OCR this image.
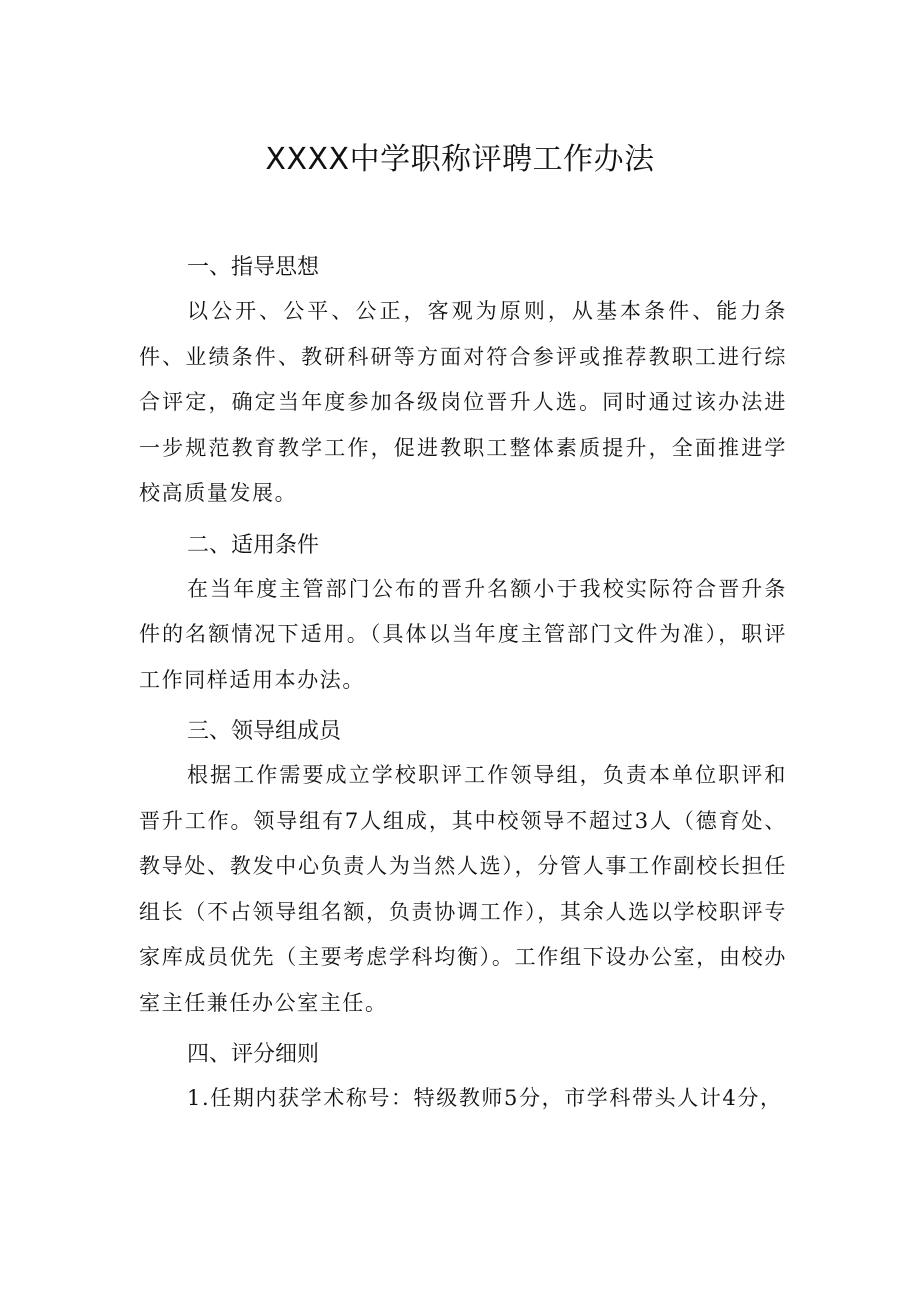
XXXX中学职称评聘工作办法
一、指导思想

以公开、公平、公正，客观为原则，从基本条件、能力条件、业绩条件、教研科研等方面对符合参评或推荐教职工进行综合评定，确定当年度参加各级岗位晋升人选。同时通过该办法进一步规范教育教学工作，促进教职工整体素质提升，全面推进学校高质量发展。

二、适用条件

在当年度主管部门公布的晋升名额小于我校实际符合晋升条件的名额情况下适用。（具体以当年度主管部门文件为准），职评工作同样适用本办法。

三、领导组成员

根据工作需要成立学校职评工作领导组，负责本单位职评和晋升工作。领导组有7人组成，其中校领导不超过3人（德育处、教导处、教发中心负责人为当然人选），分管人事工作副校长担任组长（不占领导组名额，负责协调工作），其余人选以学校职评专家库成员优先（主要考虑学科均衡）。工作组下设办公室，由校办室主任兼任办公室主任。

四、评分细则

1.任期内获学术称号：特级教师5分，市学科带头人计4分，
